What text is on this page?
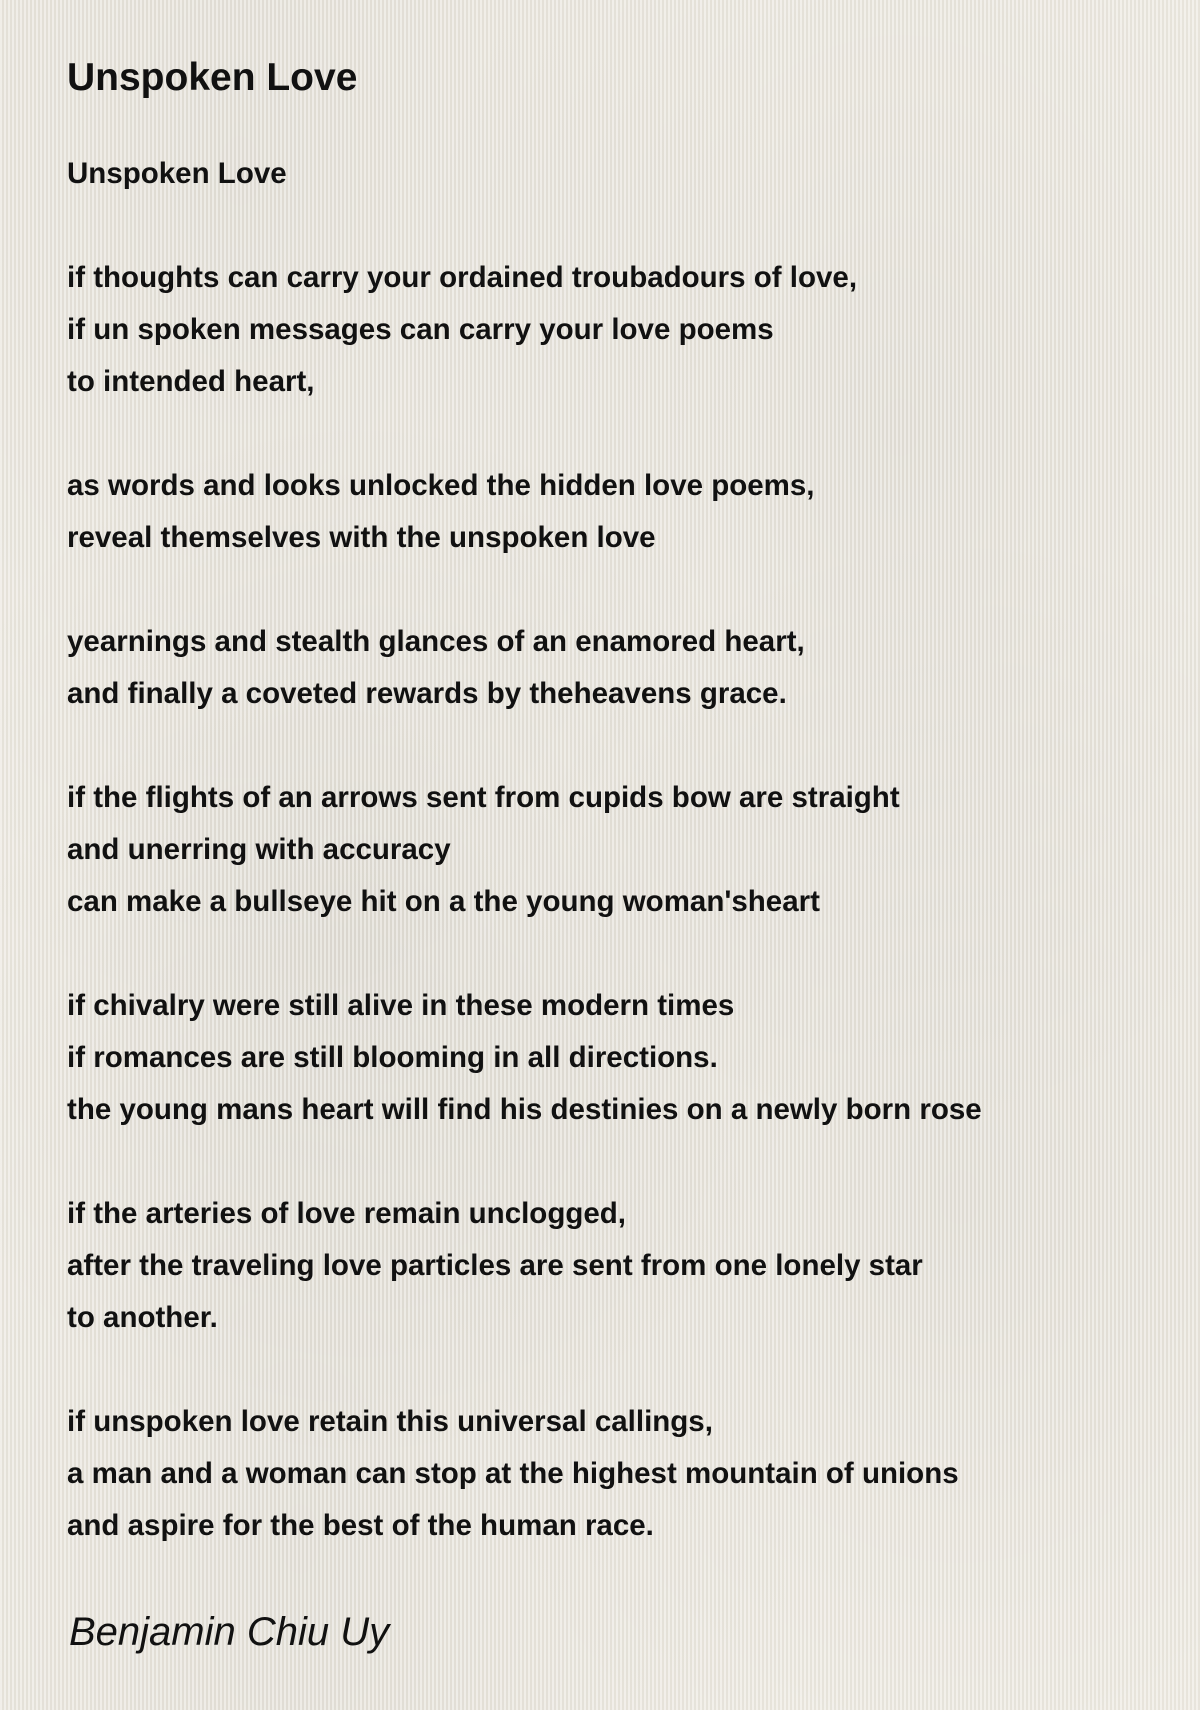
Unspoken Love
Unspoken Love
if thoughts can carry your ordained troubadours of love,
if un spoken messages can carry your love poems
to intended heart,
as words and looks unlocked the hidden love poems,
reveal themselves with the unspoken love
yearnings and stealth glances of an enamored heart,
and finally a coveted rewards by theheavens grace.
if the flights of an arrows sent from cupids bow are straight
and unerring with accuracy
can make a bullseye hit on a the young woman'sheart
if chivalry were still alive in these modern times
if romances are still blooming in all directions.
the young mans heart will find his destinies on a newly born rose
if the arteries of love remain unclogged,
after the traveling love particles are sent from one lonely star
to another.
if unspoken love retain this universal callings,
a man and a woman can stop at the highest mountain of unions
and aspire for the best of the human race.
Benjamin Chiu Uy
